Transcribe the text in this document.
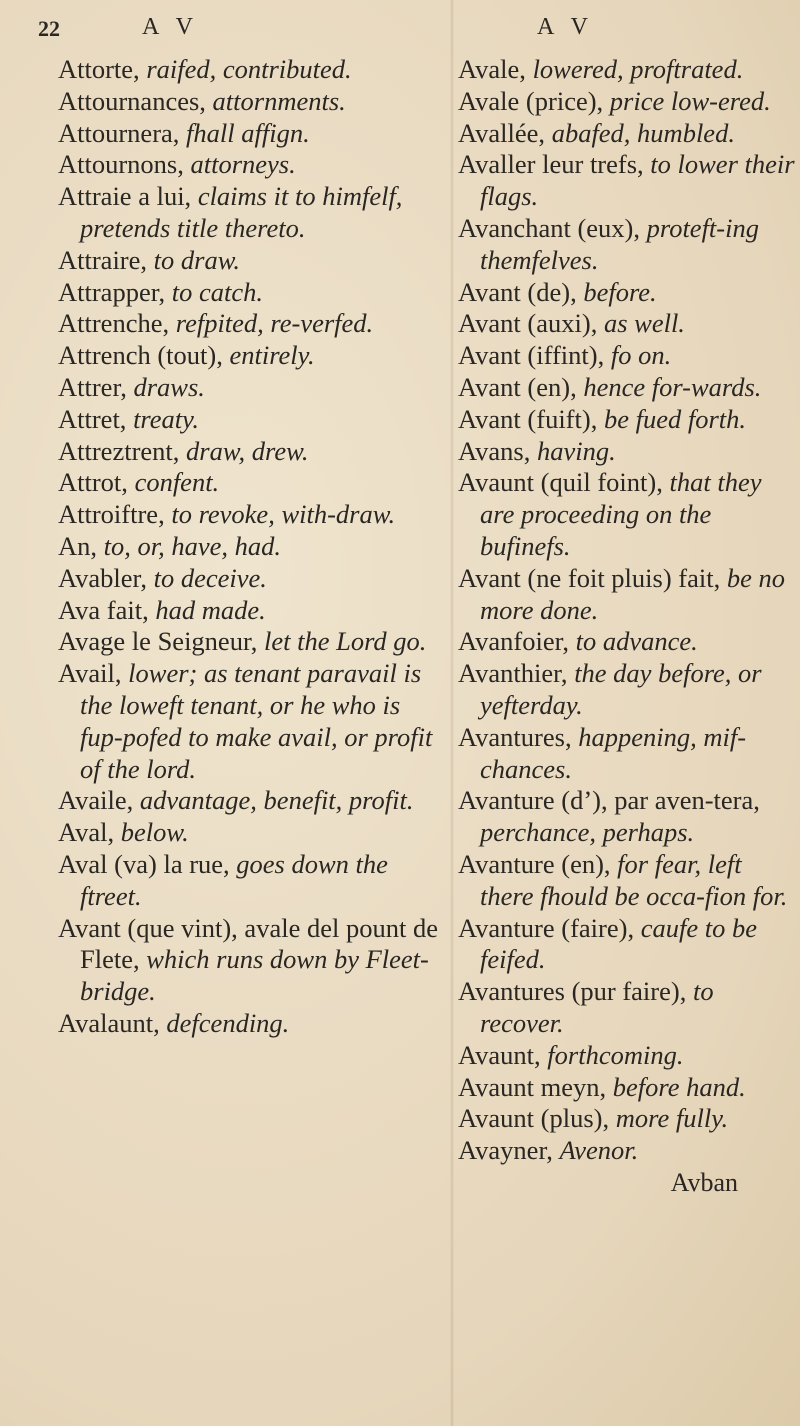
22	A V	A V

Attorte, raifed, contributed.

Attournances, attornments.

Attournera, fhall affign.

Attournons, attorneys.

Attraie a lui, claims it to himfelf, pretends title thereto.

Attraire, to draw.

Attrapper, to catch.

Attrenche, refpited, re-verfed.

Attrench (tout), entirely.

Attrer, draws.

Attret, treaty.

Attreztrent, draw, drew.

Attrot, confent.

Attroiftre, to revoke, with-draw.

An, to, or, have, had.

Avabler, to deceive.

Ava fait, had made.

Avage le Seigneur, let the Lord go.

Avail, lower; as tenant paravail is the loweft tenant, or he who is fup-pofed to make avail, or profit of the lord.

Availe, advantage, benefit, profit.

Aval, below.

Aval (va) la rue, goes down the ftreet.

Avant (que vint), avale del pount de Flete, which runs down by Fleet-bridge.

Avalaunt, defcending.

Avale, lowered, proftrated.

Avale (price), price low-ered.

Avallée, abafed, humbled.

Avaller leur trefs, to lower their flags.

Avanchant (eux), proteft-ing themfelves.

Avant (de), before.

Avant (auxi), as well.

Avant (iffint), fo on.

Avant (en), hence for-wards.

Avant (fuift), be fued forth.

Avans, having.

Avaunt (quil foint), that they are proceeding on the bufinefs.

Avant (ne foit pluis) fait, be no more done.

Avanfoier, to advance.

Avanthier, the day before, or yefterday.

Avantures, happening, mif-chances.

Avanture (d’), par aven-tera, perchance, perhaps.

Avanture (en), for fear, left there fhould be occa-fion for.

Avanture (faire), caufe to be feifed.

Avantures (pur faire), to recover.

Avaunt, forthcoming.

Avaunt meyn, before hand.

Avaunt (plus), more fully.

Avayner, Avenor.

Avban
